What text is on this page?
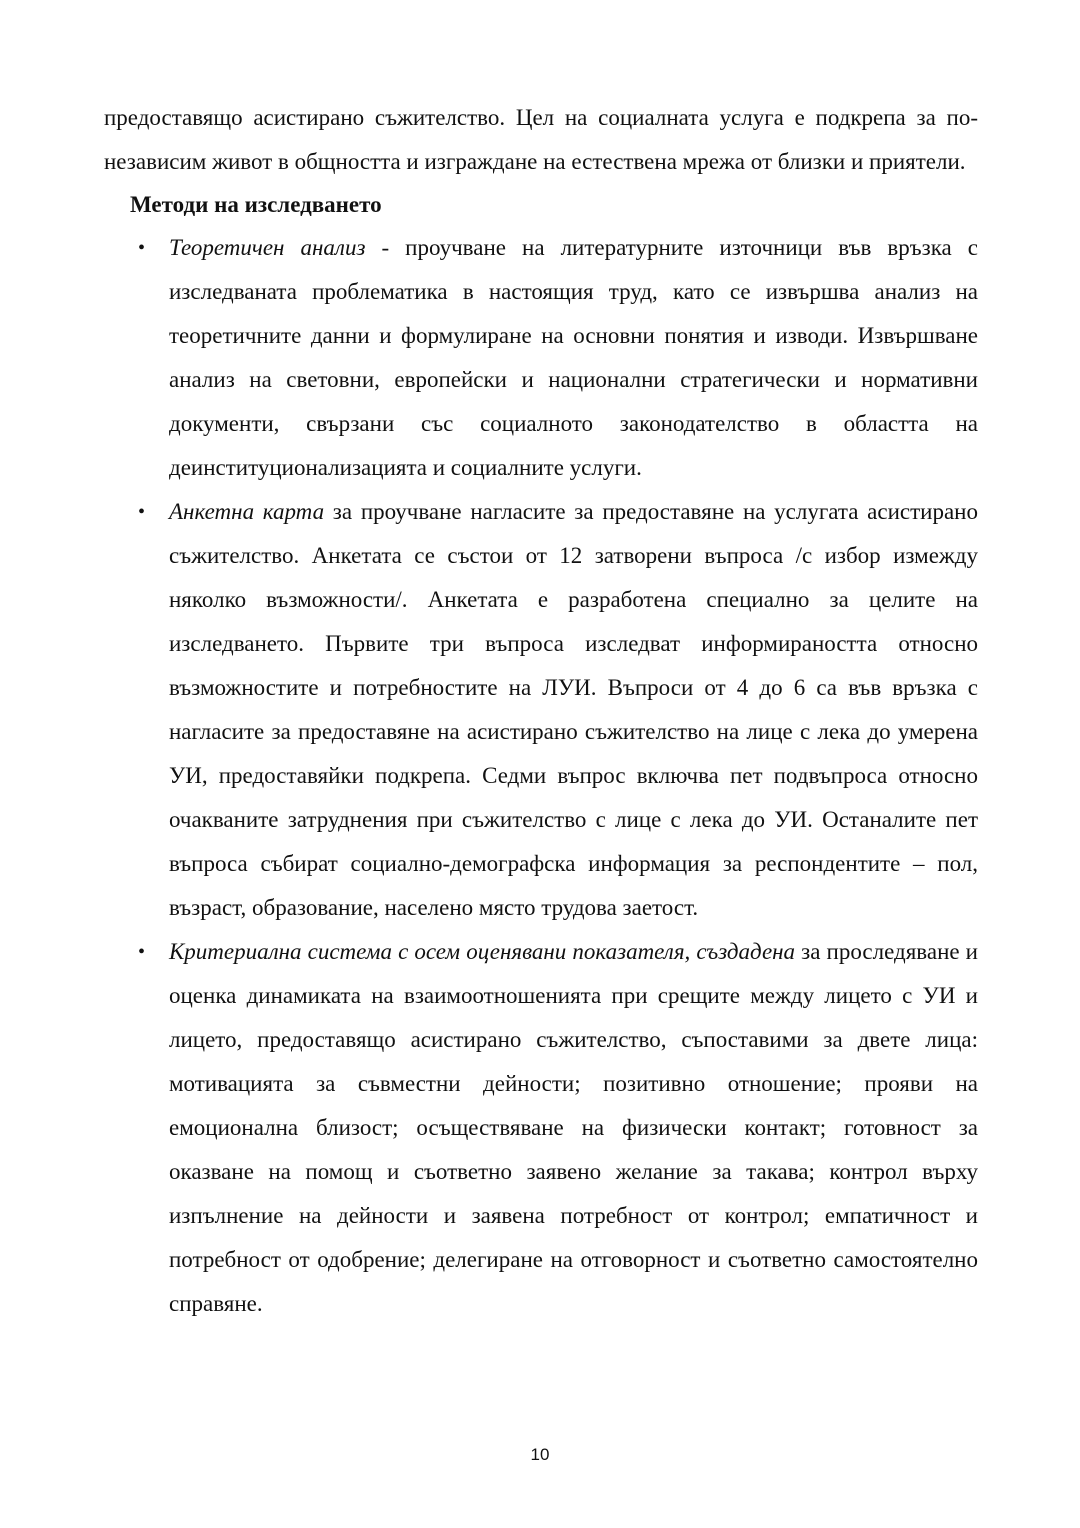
предоставящо асистирано съжителство. Цел на социалната услуга е подкрепа за по-независим живот в общността и изграждане на естествена мрежа от близки и приятели.

Методи на изследването

• Теоретичен анализ - проучване на литературните източници във връзка с изследваната проблематика в настоящия труд, като се извършва анализ на теоретичните данни и формулиране на основни понятия и изводи. Извършване анализ на световни, европейски и национални стратегически и нормативни документи, свързани със социалното законодателство в областта на деинституционализацията и социалните услуги.
• Анкетна карта за проучване нагласите за предоставяне на услугата асистирано съжителство. Анкетата се състои от 12 затворени въпроса /с избор измежду няколко възможности/. Анкетата е разработена специално за целите на изследването. Първите три въпроса изследват информираността относно възможностите и потребностите на ЛУИ. Въпроси от 4 до 6 са във връзка с нагласите за предоставяне на асистирано съжителство на лице с лека до умерена УИ, предоставяйки подкрепа. Седми въпрос включва пет подвъпроса относно очакваните затруднения при съжителство с лице с лека до УИ. Останалите пет въпроса събират социално-демографска информация за респондентите – пол, възраст, образование, населено място трудова заетост.
• Критериална система с осем оценявани показателя, създадена за проследяване и оценка динамиката на взаимоотношенията при срещите между лицето с УИ и лицето, предоставящо асистирано съжителство, съпоставими за двете лица: мотивацията за съвместни дейности; позитивно отношение; прояви на емоционална близост; осъществяване на физически контакт; готовност за оказване на помощ и съответно заявено желание за такава; контрол върху изпълнение на дейности и заявена потребност от контрол; емпатичност и потребност от одобрение; делегиране на отговорност и съответно самостоятелно справяне.
10
